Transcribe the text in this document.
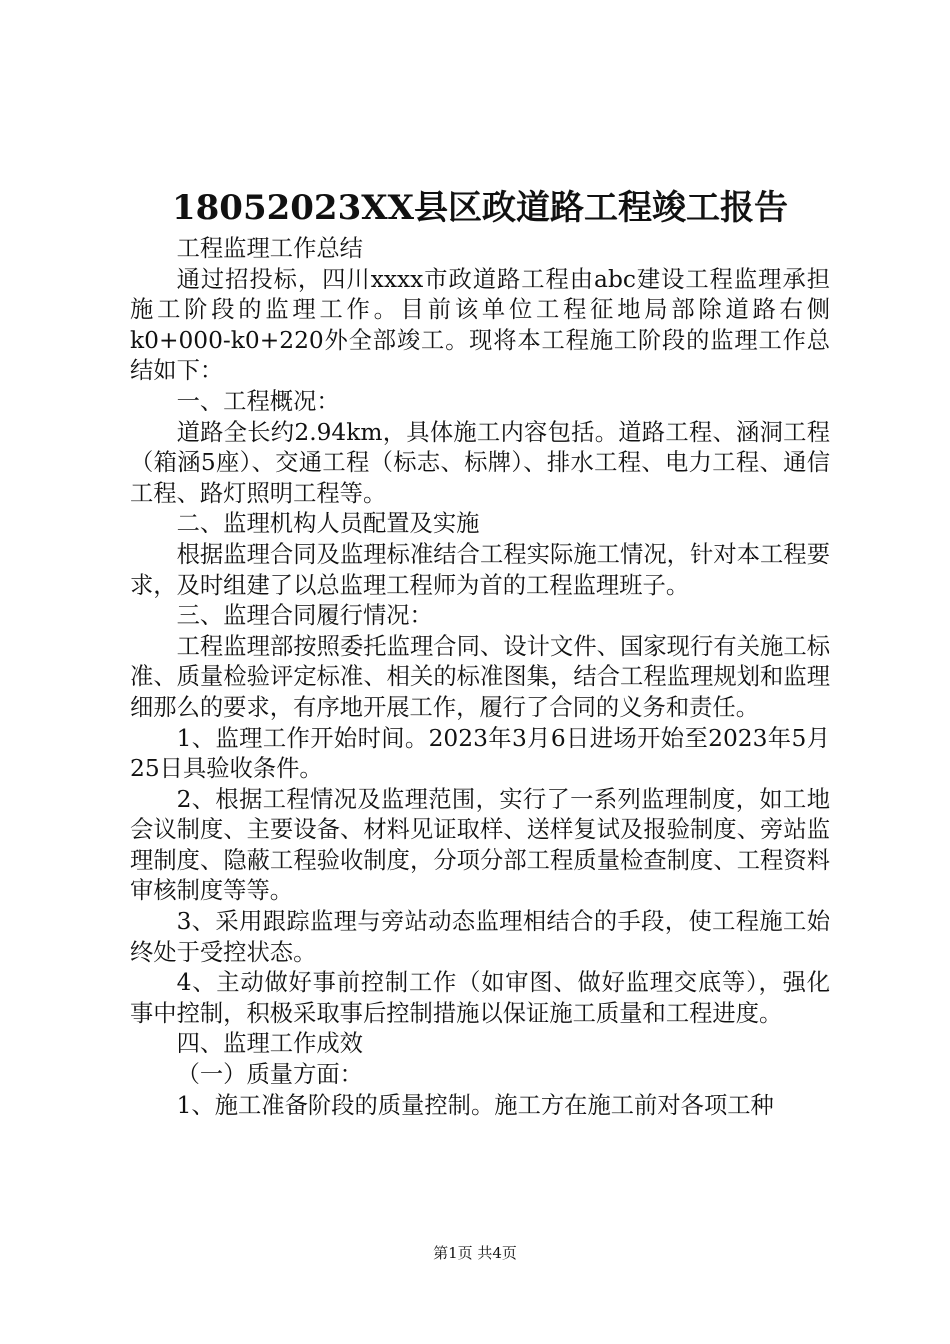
18052023XX县区政道路工程竣工报告

工程监理工作总结

通过招投标，四川xxxx市政道路工程由abc建设工程监理承担施工阶段的监理工作。目前该单位工程征地局部除道路右侧k0+000-k0+220外全部竣工。现将本工程施工阶段的监理工作总结如下：

一、工程概况：

道路全长约2.94km，具体施工内容包括。道路工程、涵洞工程（箱涵5座）、交通工程（标志、标牌）、排水工程、电力工程、通信工程、路灯照明工程等。

二、监理机构人员配置及实施

根据监理合同及监理标准结合工程实际施工情况，针对本工程要求，及时组建了以总监理工程师为首的工程监理班子。

三、监理合同履行情况：

工程监理部按照委托监理合同、设计文件、国家现行有关施工标准、质量检验评定标准、相关的标准图集，结合工程监理规划和监理细那么的要求，有序地开展工作，履行了合同的义务和责任。

1、监理工作开始时间。2023年3月6日进场开始至2023年5月25日具验收条件。

2、根据工程情况及监理范围，实行了一系列监理制度，如工地会议制度、主要设备、材料见证取样、送样复试及报验制度、旁站监理制度、隐蔽工程验收制度，分项分部工程质量检查制度、工程资料审核制度等等。

3、采用跟踪监理与旁站动态监理相结合的手段，使工程施工始终处于受控状态。

4、主动做好事前控制工作（如审图、做好监理交底等），强化事中控制，积极采取事后控制措施以保证施工质量和工程进度。

四、监理工作成效

（一）质量方面：

1、施工准备阶段的质量控制。施工方在施工前对各项工种

第1页 共4页
